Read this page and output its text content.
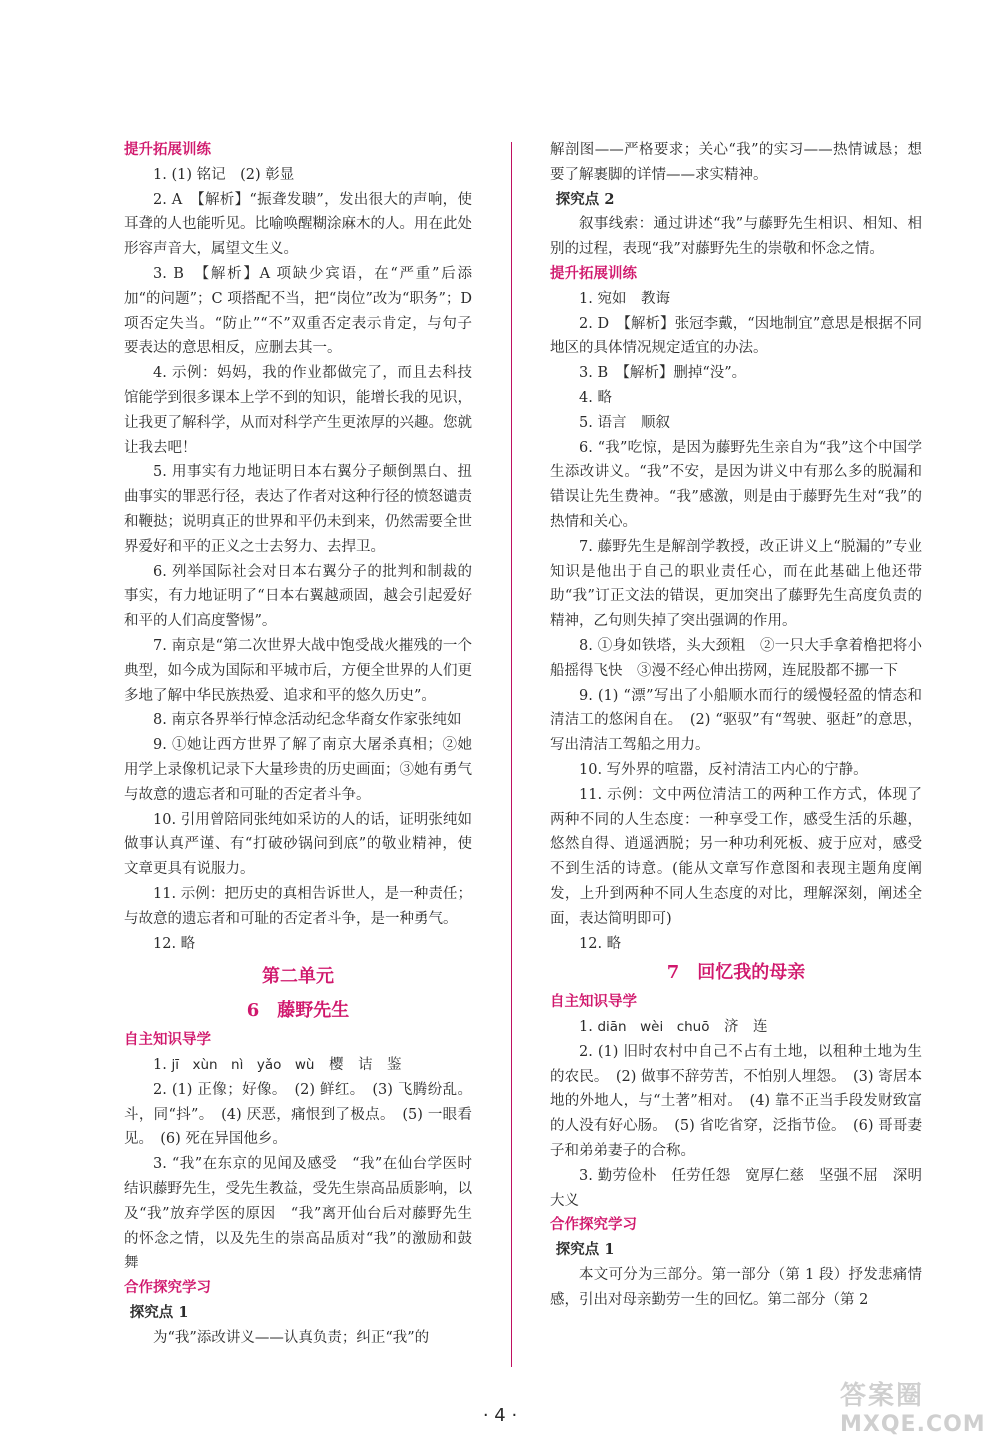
提升拓展训练

1. (1) 铭记　(2) 彰显

2. A　【解析】“振聋发聩”，发出很大的声响，使耳聋的人也能听见。比喻唤醒糊涂麻木的人。用在此处形容声音大，属望文生义。

3. B　【解析】A 项缺少宾语，在“严重”后添加“的问题”；C 项搭配不当，把“岗位”改为“职务”；D 项否定失当。“防止”“不”双重否定表示肯定，与句子要表达的意思相反，应删去其一。

4. 示例：妈妈，我的作业都做完了，而且去科技馆能学到很多课本上学不到的知识，能增长我的见识，让我更了解科学，从而对科学产生更浓厚的兴趣。您就让我去吧！

5. 用事实有力地证明日本右翼分子颠倒黑白、扭曲事实的罪恶行径，表达了作者对这种行径的愤怒谴责和鞭挞；说明真正的世界和平仍未到来，仍然需要全世界爱好和平的正义之士去努力、去捍卫。

6. 列举国际社会对日本右翼分子的批判和制裁的事实，有力地证明了“日本右翼越顽固，越会引起爱好和平的人们高度警惕”。

7. 南京是“第二次世界大战中饱受战火摧残的一个典型，如今成为国际和平城市后，方便全世界的人们更多地了解中华民族热爱、追求和平的悠久历史”。

8. 南京各界举行悼念活动纪念华裔女作家张纯如

9. ①她让西方世界了解了南京大屠杀真相；②她用学上录像机记录下大量珍贵的历史画面；③她有勇气与故意的遗忘者和可耻的否定者斗争。

10. 引用曾陪同张纯如采访的人的话，证明张纯如做事认真严谨、有“打破砂锅问到底”的敬业精神，使文章更具有说服力。

11. 示例：把历史的真相告诉世人，是一种责任；与故意的遗忘者和可耻的否定者斗争，是一种勇气。

12. 略

第二单元

6 藤野先生

自主知识导学

1. jī　xùn　nì　yǎo　wù　樱　诘　鉴

2. (1) 正像；好像。　(2) 鲜红。　(3) 飞腾纷乱。斗，同“抖”。　(4) 厌恶，痛恨到了极点。　(5) 一眼看见。　(6) 死在异国他乡。

3. “我”在东京的见闻及感受　“我”在仙台学医时结识藤野先生，受先生教益，受先生崇高品质影响，以及“我”放弃学医的原因　“我”离开仙台后对藤野先生的怀念之情，以及先生的崇高品质对“我”的激励和鼓舞

合作探究学习

探究点 1

为“我”添改讲义——认真负责；纠正“我”的

解剖图——严格要求；关心“我”的实习——热情诚恳；想要了解裹脚的详情——求实精神。

探究点 2

叙事线索：通过讲述“我”与藤野先生相识、相知、相别的过程，表现“我”对藤野先生的崇敬和怀念之情。

提升拓展训练

1. 宛如　教诲

2. D　【解析】张冠李戴，“因地制宜”意思是根据不同地区的具体情况规定适宜的办法。

3. B　【解析】删掉“没”。

4. 略

5. 语言　顺叙

6. “我”吃惊，是因为藤野先生亲自为“我”这个中国学生添改讲义。“我”不安，是因为讲义中有那么多的脱漏和错误让先生费神。“我”感激，则是由于藤野先生对“我”的热情和关心。

7. 藤野先生是解剖学教授，改正讲义上“脱漏的”专业知识是他出于自己的职业责任心，而在此基础上他还带助“我”订正文法的错误，更加突出了藤野先生高度负责的精神，乙句则失掉了突出强调的作用。

8. ①身如铁塔，头大颈粗　②一只大手拿着橹把将小船摇得飞快　③漫不经心伸出捞网，连屁股都不挪一下

9. (1) “漂”写出了小船顺水而行的缓慢轻盈的情态和清洁工的悠闲自在。　(2) “驱驭”有“驾驶、驱赶”的意思，写出清洁工驾船之用力。

10. 写外界的喧嚣，反衬清洁工内心的宁静。

11. 示例：文中两位清洁工的两种工作方式，体现了两种不同的人生态度：一种享受工作，感受生活的乐趣，悠然自得、逍遥洒脱；另一种功利死板、疲于应对，感受不到生活的诗意。(能从文章写作意图和表现主题角度阐发，上升到两种不同人生态度的对比，理解深刻，阐述全面，表达简明即可)

12. 略

7 回忆我的母亲

自主知识导学

1. diān　wèi　chuō　济　连

2. (1) 旧时农村中自己不占有土地，以租种土地为生的农民。　(2) 做事不辞劳苦，不怕别人埋怨。　(3) 寄居本地的外地人，与“土著”相对。　(4) 靠不正当手段发财致富的人没有好心肠。　(5) 省吃省穿，泛指节俭。　(6) 哥哥妻子和弟弟妻子的合称。

3. 勤劳俭朴　任劳任怨　宽厚仁慈　坚强不屈　深明大义

合作探究学习

探究点 1

本文可分为三部分。第一部分（第 1 段）抒发悲痛情感，引出对母亲勤劳一生的回忆。第二部分（第 2

· 4 ·
答案圈
MXQE.COM
